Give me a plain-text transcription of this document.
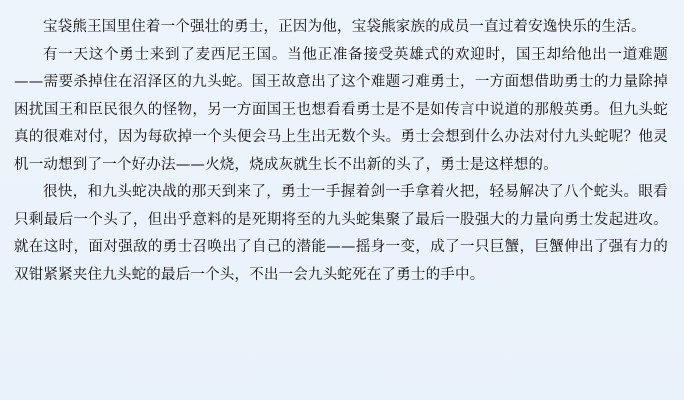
宝袋熊王国里住着一个强壮的勇士，正因为他，宝袋熊家族的成员一直过着安逸快乐的生活。

有一天这个勇士来到了麦西尼王国。当他正准备接受英雄式的欢迎时，国王却给他出一道难题——需要杀掉住在沼泽区的九头蛇。国王故意出了这个难题刁难勇士，一方面想借助勇士的力量除掉困扰国王和臣民很久的怪物，另一方面国王也想看看勇士是不是如传言中说道的那般英勇。但九头蛇真的很难对付，因为每砍掉一个头便会马上生出无数个头。勇士会想到什么办法对付九头蛇呢？他灵机一动想到了一个好办法——火烧，烧成灰就生长不出新的头了，勇士是这样想的。

很快，和九头蛇决战的那天到来了，勇士一手握着剑一手拿着火把，轻易解决了八个蛇头。眼看只剩最后一个头了，但出乎意料的是死期将至的九头蛇集聚了最后一股强大的力量向勇士发起进攻。就在这时，面对强敌的勇士召唤出了自己的潜能——摇身一变，成了一只巨蟹，巨蟹伸出了强有力的双钳紧紧夹住九头蛇的最后一个头，不出一会九头蛇死在了勇士的手中。
